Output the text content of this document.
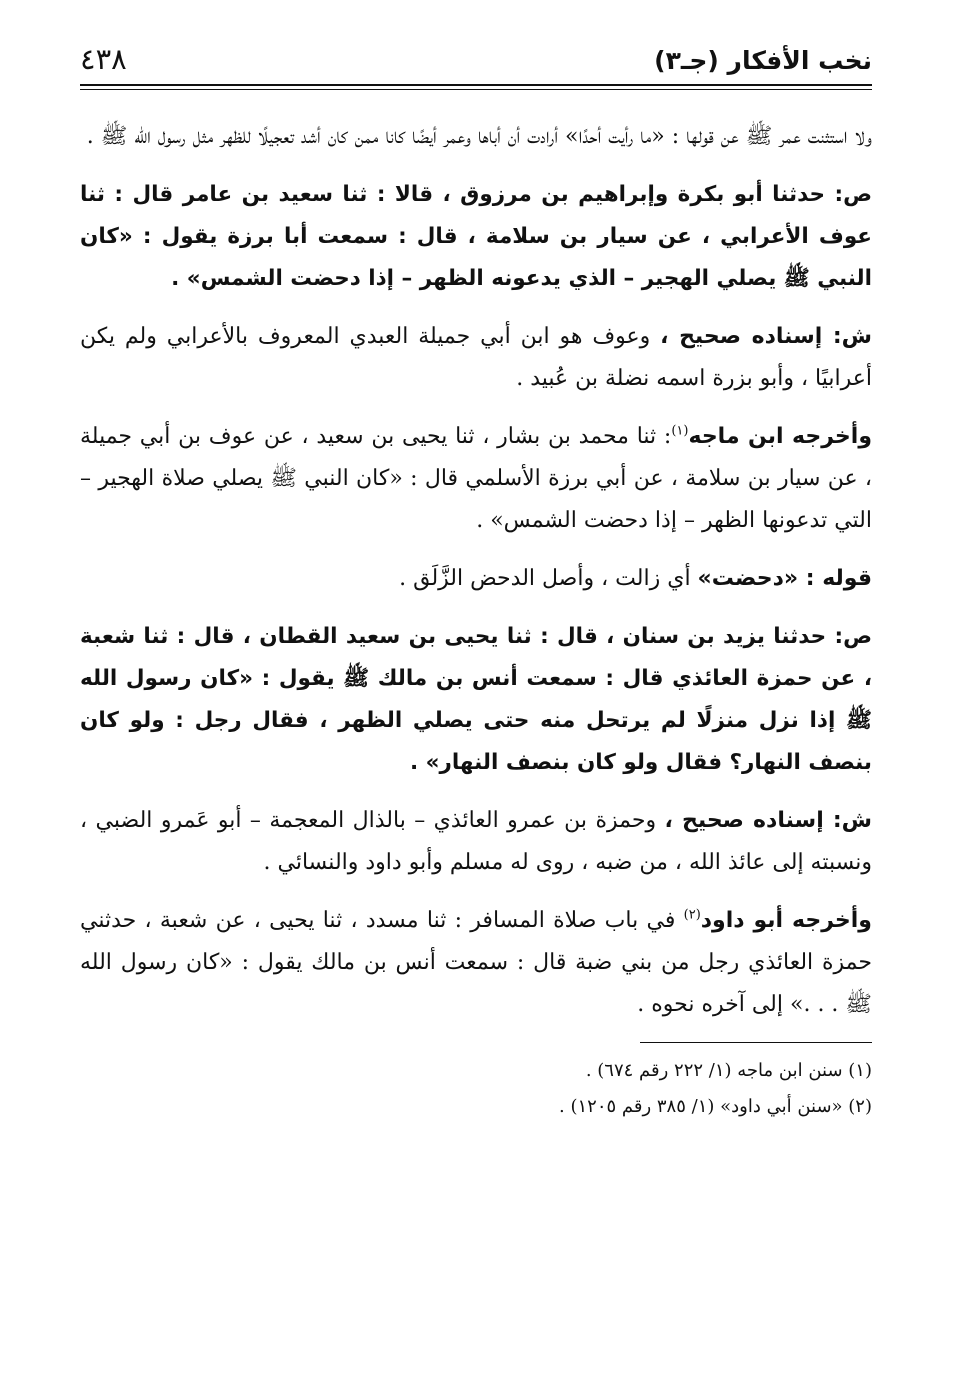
نخب الأفكار (جـ٣)
٤٣٨

ولا استثنت عمر ﷺ عن قولها : «ما رأيت أحدًا» أرادت أن أباها وعمر أيضًا كانا ممن كان أشد تعجيلًا للظهر مثل رسول الله ﷺ .

ص: حدثنا أبو بكرة وإبراهيم بن مرزوق ، قالا : ثنا سعيد بن عامر قال : ثنا عوف الأعرابي ، عن سيار بن سلامة ، قال : سمعت أبا برزة يقول : «كان النبي ﷺ يصلي الهجير – الذي يدعونه الظهر – إذا دحضت الشمس» .

ش: إسناده صحيح ، وعوف هو ابن أبي جميلة العبدي المعروف بالأعرابي ولم يكن أعرابيًا ، وأبو بزرة اسمه نضلة بن عُبيد .

وأخرجه ابن ماجه$^{(١)}$: ثنا محمد بن بشار ، ثنا يحيى بن سعيد ، عن عوف بن أبي جميلة ، عن سيار بن سلامة ، عن أبي برزة الأسلمي قال : «كان النبي ﷺ يصلي صلاة الهجير – التي تدعونها الظهر – إذا دحضت الشمس» .

قوله : «دحضت» أي زالت ، وأصل الدحض الزَّلَق .

ص: حدثنا يزيد بن سنان ، قال : ثنا يحيى بن سعيد القطان ، قال : ثنا شعبة ، عن حمزة العائذي قال : سمعت أنس بن مالك ﷺ يقول : «كان رسول الله ﷺ إذا نزل منزلًا لم يرتحل منه حتى يصلي الظهر ، فقال رجل : ولو كان بنصف النهار؟ فقال ولو كان بنصف النهار» .

ش: إسناده صحيح ، وحمزة بن عمرو العائذي – بالذال المعجمة – أبو عَمرو الضبي ، ونسبته إلى عائذ الله ، من ضبه ، روى له مسلم وأبو داود والنسائي .

وأخرجه أبو داود$^{(٢)}$ في باب صلاة المسافر : ثنا مسدد ، ثنا يحيى ، عن شعبة ، حدثني حمزة العائذي رجل من بني ضبة قال : سمعت أنس بن مالك يقول : «كان رسول الله ﷺ . . .» إلى آخره نحوه .

(١) سنن ابن ماجه (١/ ٢٢٢ رقم ٦٧٤) .

(٢) «سنن أبي داود» (١/ ٣٨٥ رقم ١٢٠٥) .
